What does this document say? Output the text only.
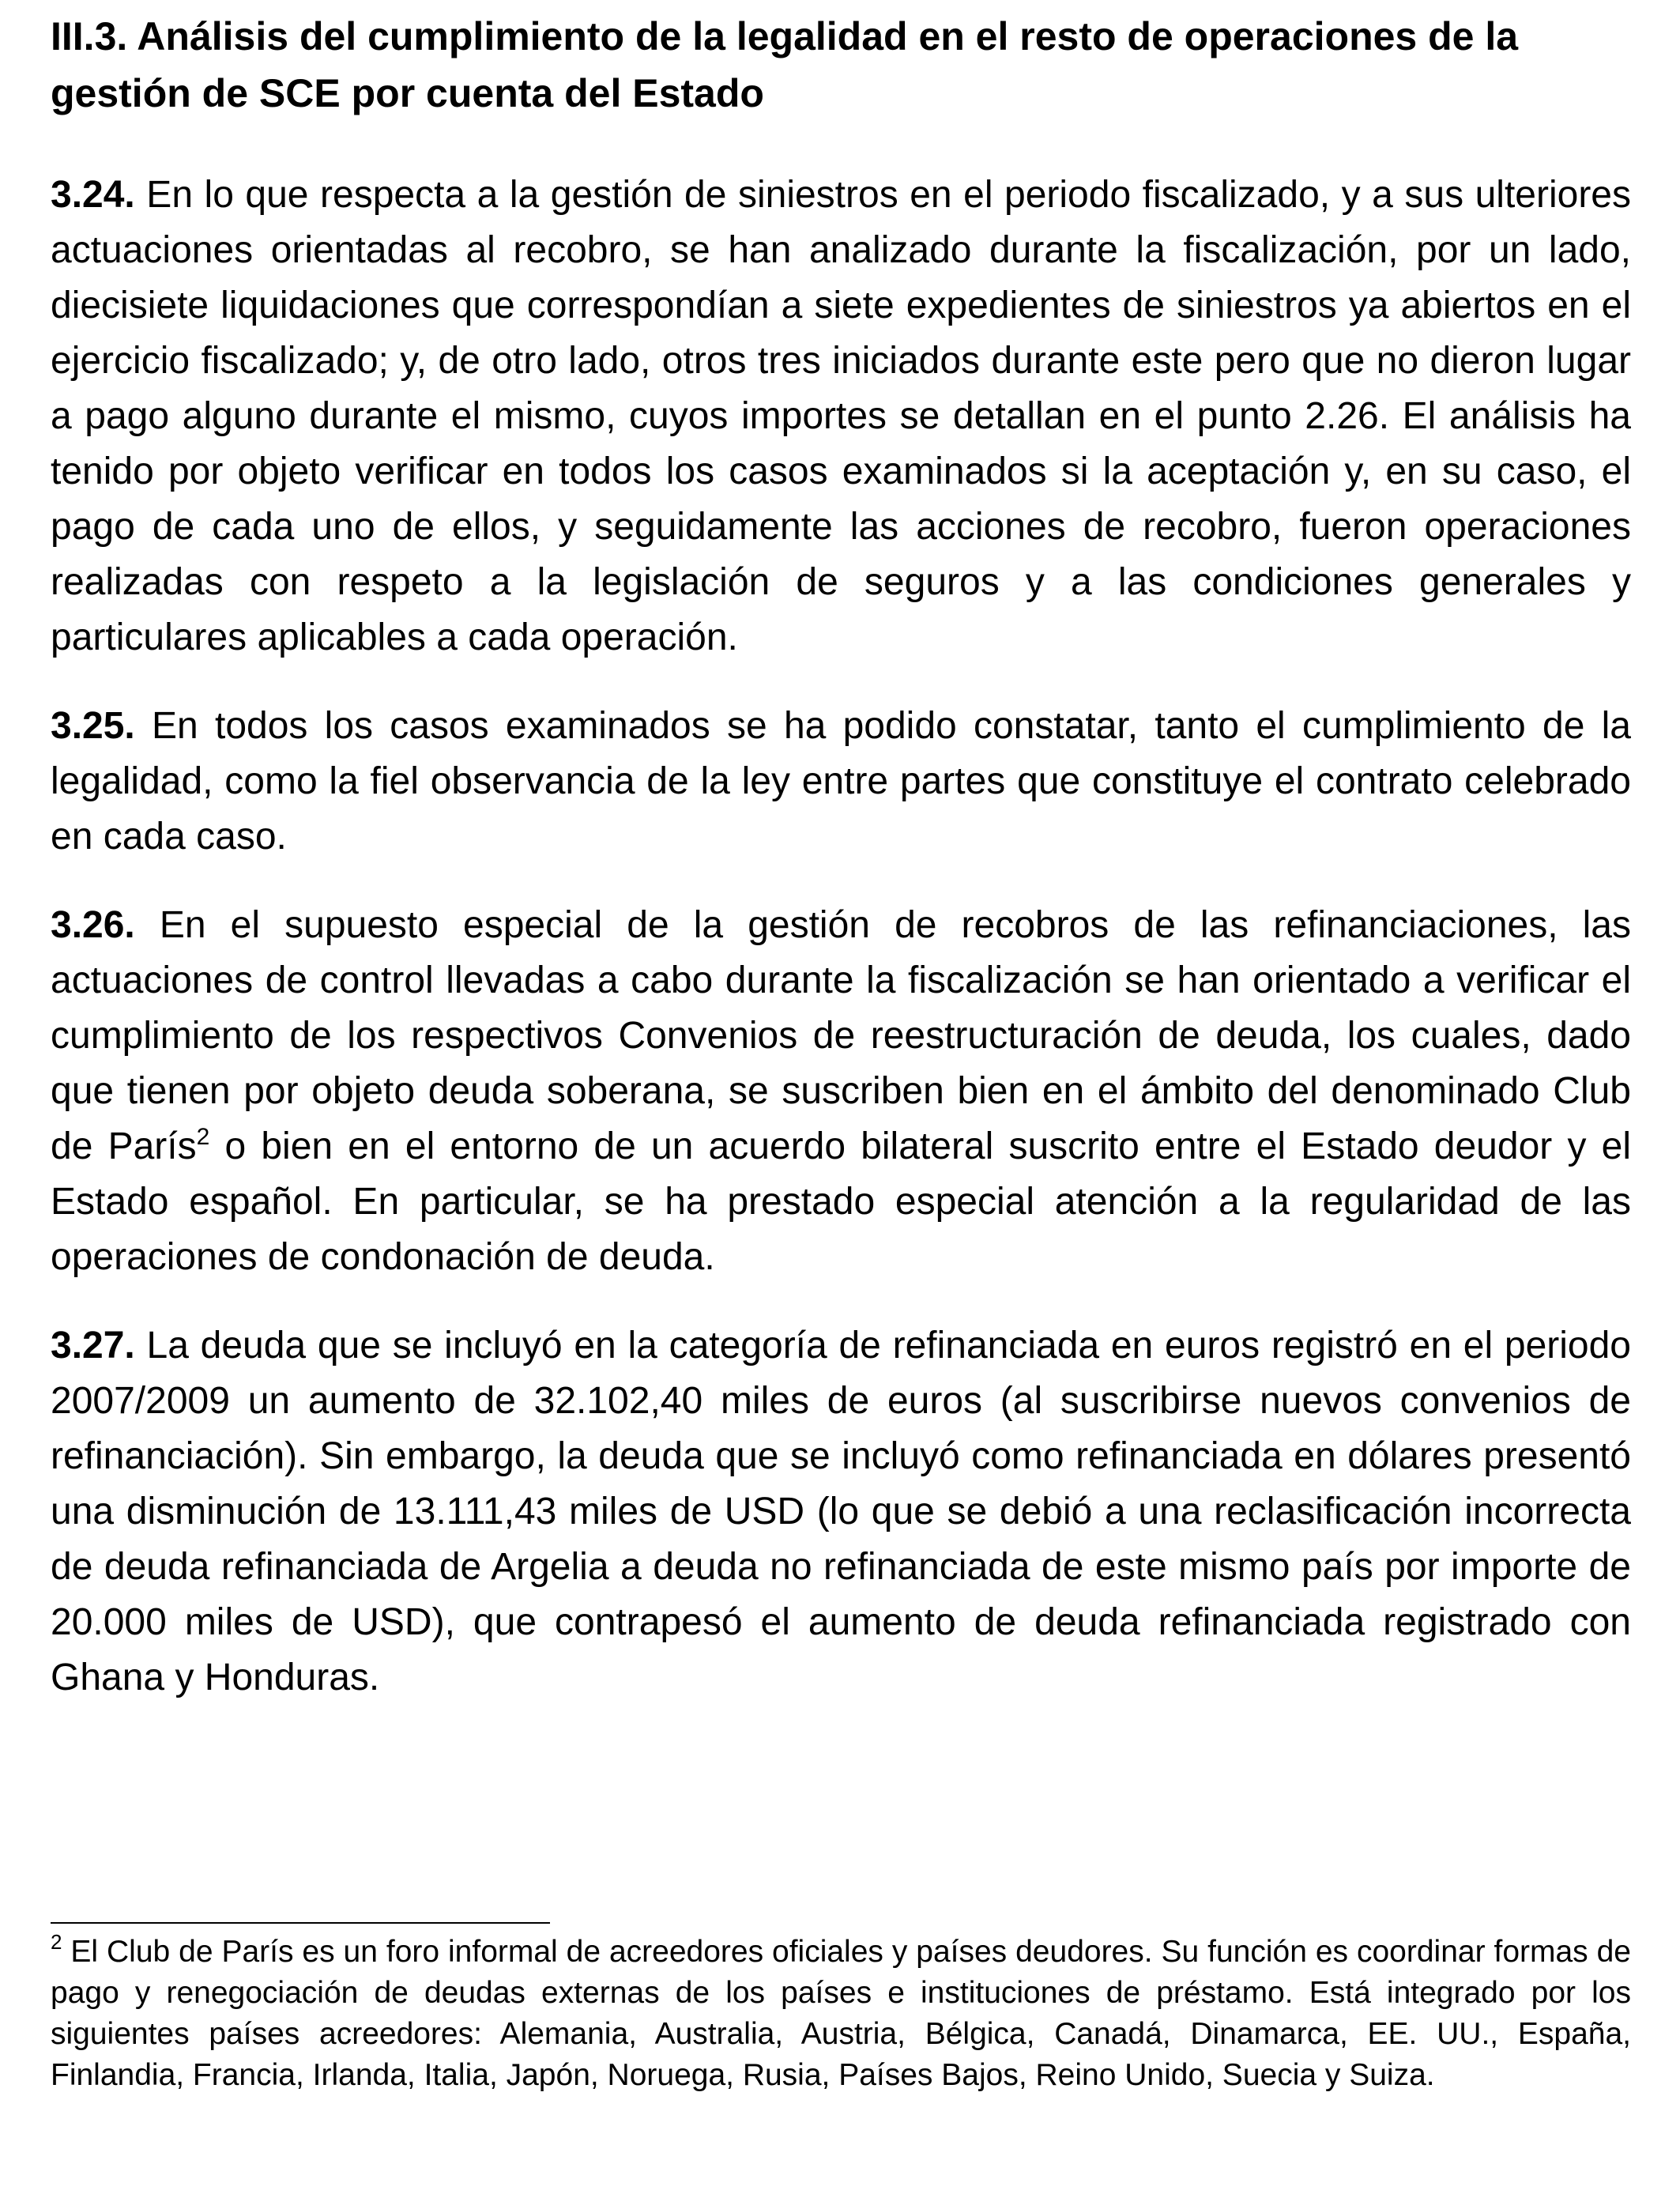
III.3. Análisis del cumplimiento de la legalidad en el resto de operaciones de la gestión de SCE por cuenta del Estado

3.24. En lo que respecta a la gestión de siniestros en el periodo fiscalizado, y a sus ulteriores actuaciones orientadas al recobro, se han analizado durante la fiscalización, por un lado, diecisiete liquidaciones que correspondían a siete expedientes de siniestros ya abiertos en el ejercicio fiscalizado; y, de otro lado, otros tres iniciados durante este pero que no dieron lugar a pago alguno durante el mismo, cuyos importes se detallan en el punto 2.26. El análisis ha tenido por objeto verificar en todos los casos examinados si la aceptación y, en su caso, el pago de cada uno de ellos, y seguidamente las acciones de recobro, fueron operaciones realizadas con respeto a la legislación de seguros y a las condiciones generales y particulares aplicables a cada operación.

3.25. En todos los casos examinados se ha podido constatar, tanto el cumplimiento de la legalidad, como la fiel observancia de la ley entre partes que constituye el contrato celebrado en cada caso.

3.26. En el supuesto especial de la gestión de recobros de las refinanciaciones, las actuaciones de control llevadas a cabo durante la fiscalización se han orientado a verificar el cumplimiento de los respectivos Convenios de reestructuración de deuda, los cuales, dado que tienen por objeto deuda soberana, se suscriben bien en el ámbito del denominado Club de París$^2$ o bien en el entorno de un acuerdo bilateral suscrito entre el Estado deudor y el Estado español. En particular, se ha prestado especial atención a la regularidad de las operaciones de condonación de deuda.

3.27. La deuda que se incluyó en la categoría de refinanciada en euros registró en el periodo 2007/2009 un aumento de 32.102,40 miles de euros (al suscribirse nuevos convenios de refinanciación). Sin embargo, la deuda que se incluyó como refinanciada en dólares presentó una disminución de 13.111,43 miles de USD (lo que se debió a una reclasificación incorrecta de deuda refinanciada de Argelia a deuda no refinanciada de este mismo país por importe de 20.000 miles de USD), que contrapesó el aumento de deuda refinanciada registrado con Ghana y Honduras.

$^2$ El Club de París es un foro informal de acreedores oficiales y países deudores. Su función es coordinar formas de pago y renegociación de deudas externas de los países e instituciones de préstamo. Está integrado por los siguientes países acreedores: Alemania, Australia, Austria, Bélgica, Canadá, Dinamarca, EE. UU., España, Finlandia, Francia, Irlanda, Italia, Japón, Noruega, Rusia, Países Bajos, Reino Unido, Suecia y Suiza.
